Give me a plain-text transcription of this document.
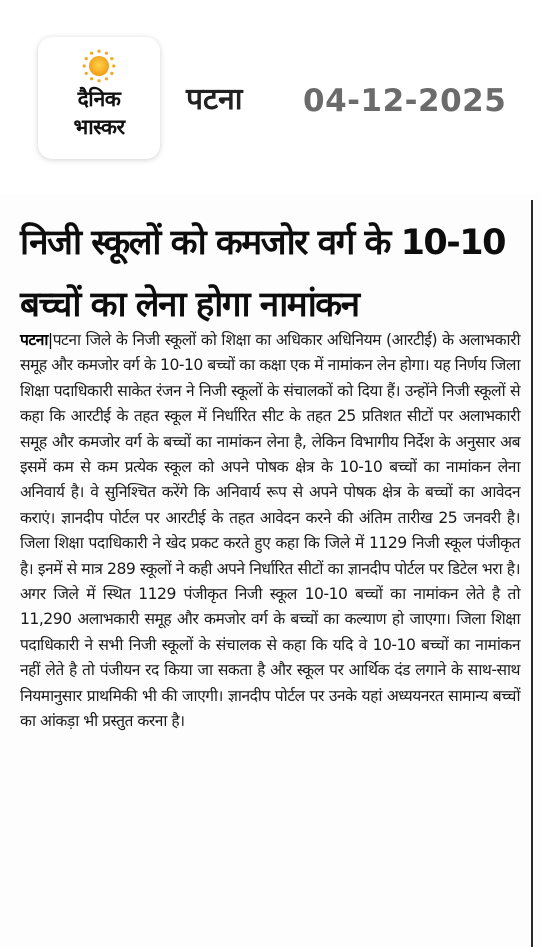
दैनिक
भास्कर
पटना 04-12-2025
निजी स्कूलों को कमजोर वर्ग के 10-10 बच्चों का लेना होगा नामांकन

पटना|पटना जिले के निजी स्कूलों को शिक्षा का अधिकार अधिनियम (आरटीई) के अलाभकारी समूह और कमजोर वर्ग के 10-10 बच्चों का कक्षा एक में नामांकन लेन होगा। यह निर्णय जिला शिक्षा पदाधिकारी साकेत रंजन ने निजी स्कूलों के संचालकों को दिया हैं। उन्होंने निजी स्कूलों से कहा कि आरटीई के तहत स्कूल में निर्धारित सीट के तहत 25 प्रतिशत सीटों पर अलाभकारी समूह और कमजोर वर्ग के बच्चों का नामांकन लेना है, लेकिन विभागीय निर्देश के अनुसार अब इसमें कम से कम प्रत्येक स्कूल को अपने पोषक क्षेत्र के 10-10 बच्चों का नामांकन लेना अनिवार्य है। वे सुनिश्चित करेंगे कि अनिवार्य रूप से अपने पोषक क्षेत्र के बच्चों का आवेदन कराएं। ज्ञानदीप पोर्टल पर आरटीई के तहत आवेदन करने की अंतिम तारीख 25 जनवरी है। जिला शिक्षा पदाधिकारी ने खेद प्रकट करते हुए कहा कि जिले में 1129 निजी स्कूल पंजीकृत है। इनमें से मात्र 289 स्कूलों ने कही अपने निर्धारित सीटों का ज्ञानदीप पोर्टल पर डिटेल भरा है। अगर जिले में स्थित 1129 पंजीकृत निजी स्कूल 10-10 बच्चों का नामांकन लेते है तो 11,290 अलाभकारी समूह और कमजोर वर्ग के बच्चों का कल्याण हो जाएगा। जिला शिक्षा पदाधिकारी ने सभी निजी स्कूलों के संचालक से कहा कि यदि वे 10-10 बच्चों का नामांकन नहीं लेते है तो पंजीयन रद किया जा सकता है और स्कूल पर आर्थिक दंड लगाने के साथ-साथ नियमानुसार प्राथमिकी भी की जाएगी। ज्ञानदीप पोर्टल पर उनके यहां अध्ययनरत सामान्य बच्चों का आंकड़ा भी प्रस्तुत करना है।
